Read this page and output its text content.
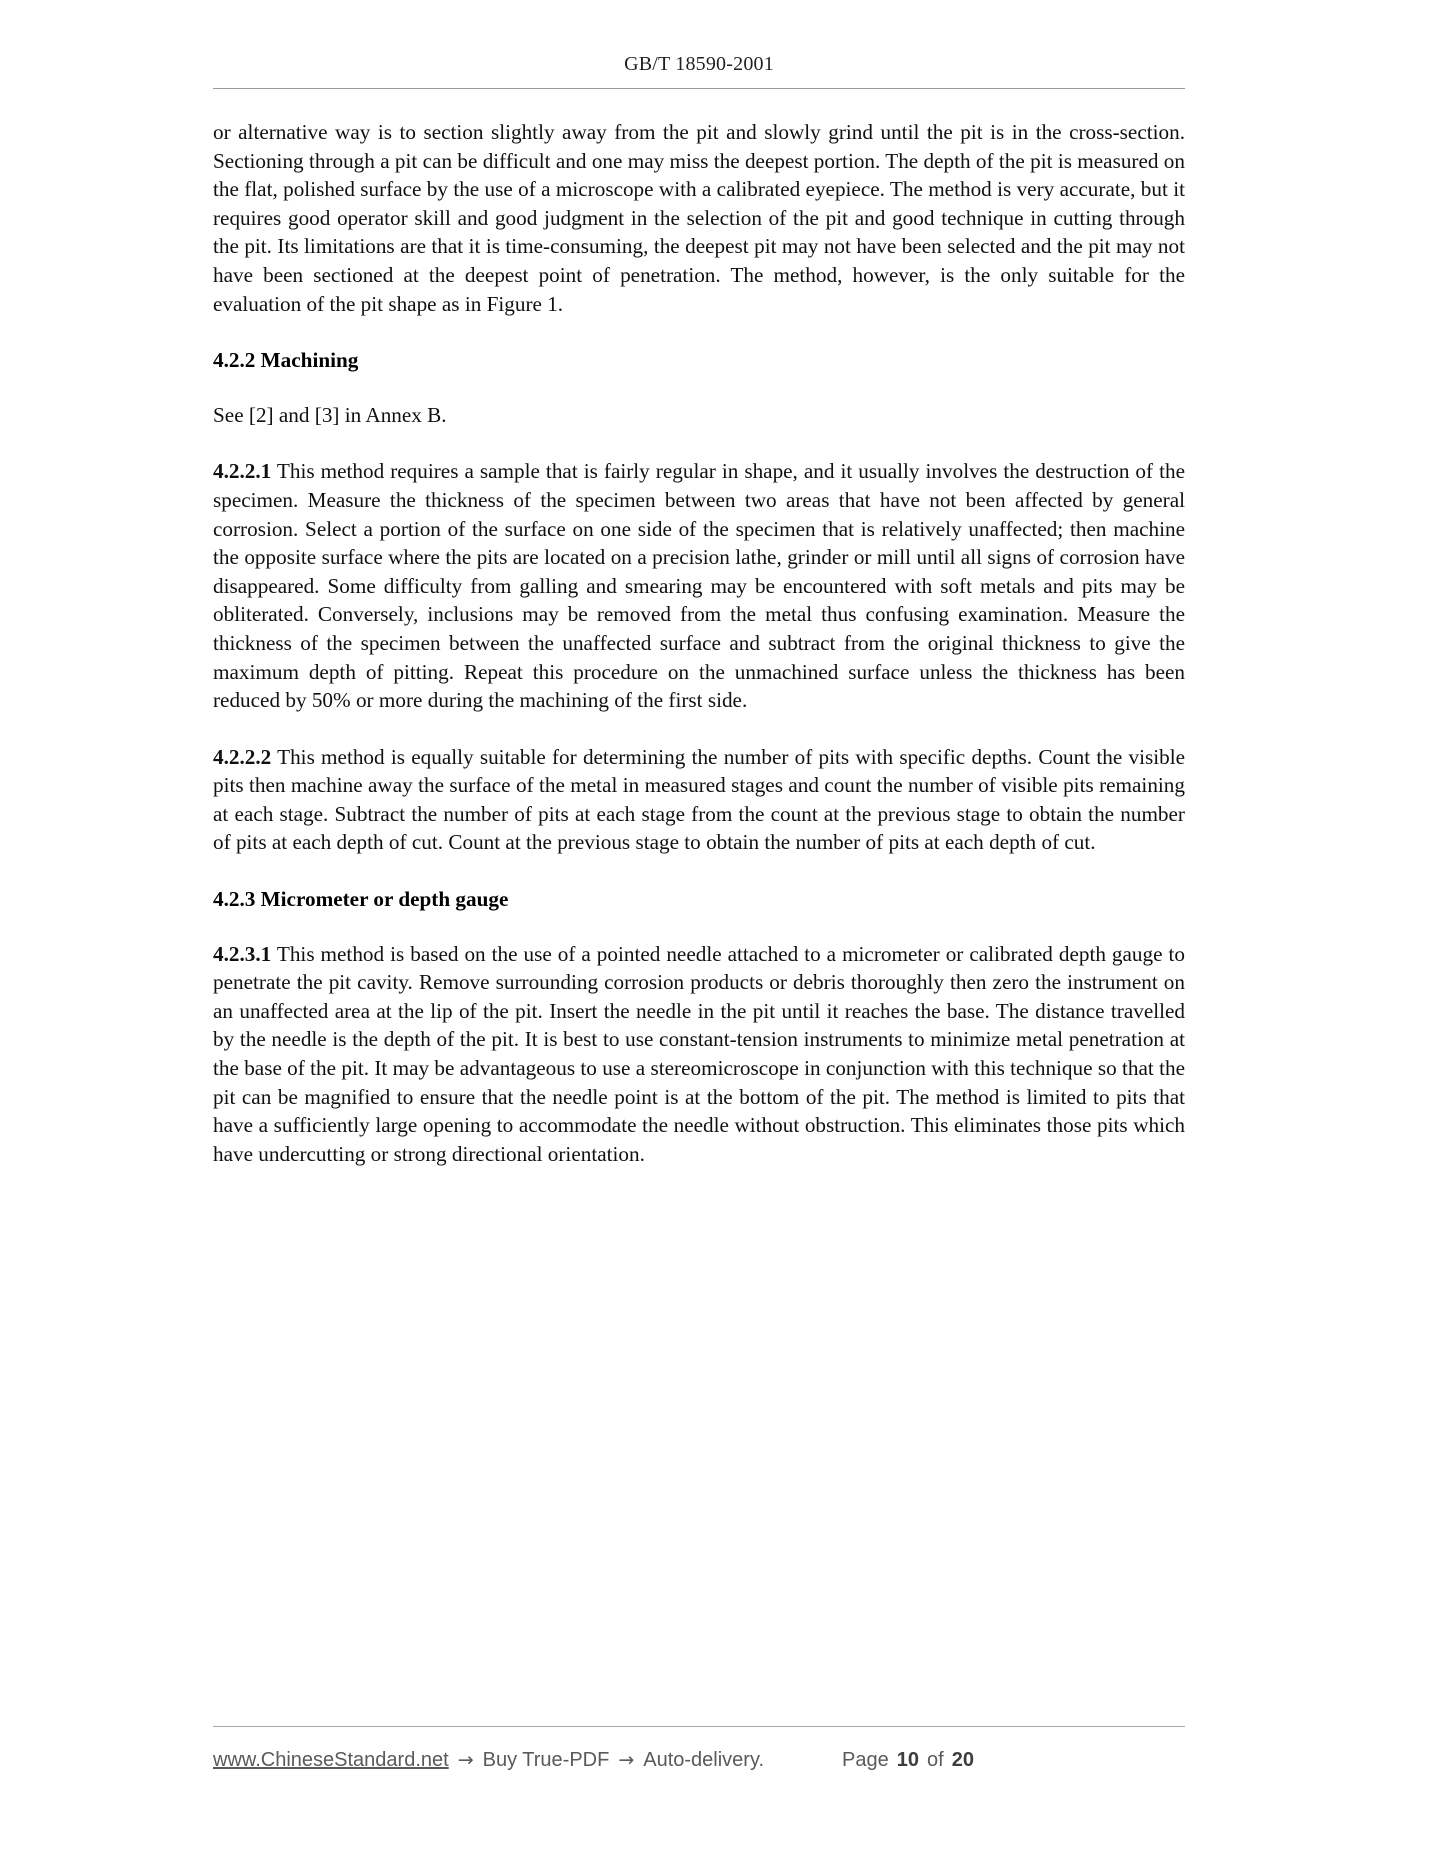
GB/T 18590-2001

or alternative way is to section slightly away from the pit and slowly grind until the pit is in the cross-section. Sectioning through a pit can be difficult and one may miss the deepest portion. The depth of the pit is measured on the flat, polished surface by the use of a microscope with a calibrated eyepiece. The method is very accurate, but it requires good operator skill and good judgment in the selection of the pit and good technique in cutting through the pit. Its limitations are that it is time-consuming, the deepest pit may not have been selected and the pit may not have been sectioned at the deepest point of penetration. The method, however, is the only suitable for the evaluation of the pit shape as in Figure 1.

4.2.2 Machining

See [2] and [3] in Annex B.

4.2.2.1 This method requires a sample that is fairly regular in shape, and it usually involves the destruction of the specimen. Measure the thickness of the specimen between two areas that have not been affected by general corrosion. Select a portion of the surface on one side of the specimen that is relatively unaffected; then machine the opposite surface where the pits are located on a precision lathe, grinder or mill until all signs of corrosion have disappeared. Some difficulty from galling and smearing may be encountered with soft metals and pits may be obliterated. Conversely, inclusions may be removed from the metal thus confusing examination. Measure the thickness of the specimen between the unaffected surface and subtract from the original thickness to give the maximum depth of pitting. Repeat this procedure on the unmachined surface unless the thickness has been reduced by 50% or more during the machining of the first side.

4.2.2.2 This method is equally suitable for determining the number of pits with specific depths. Count the visible pits then machine away the surface of the metal in measured stages and count the number of visible pits remaining at each stage. Subtract the number of pits at each stage from the count at the previous stage to obtain the number of pits at each depth of cut. Count at the previous stage to obtain the number of pits at each depth of cut.

4.2.3 Micrometer or depth gauge

4.2.3.1 This method is based on the use of a pointed needle attached to a micrometer or calibrated depth gauge to penetrate the pit cavity. Remove surrounding corrosion products or debris thoroughly then zero the instrument on an unaffected area at the lip of the pit. Insert the needle in the pit until it reaches the base. The distance travelled by the needle is the depth of the pit. It is best to use constant-tension instruments to minimize metal penetration at the base of the pit. It may be advantageous to use a stereomicroscope in conjunction with this technique so that the pit can be magnified to ensure that the needle point is at the bottom of the pit. The method is limited to pits that have a sufficiently large opening to accommodate the needle without obstruction. This eliminates those pits which have undercutting or strong directional orientation.

www.ChineseStandard.net → Buy True-PDF → Auto-delivery.	Page 10 of 20
